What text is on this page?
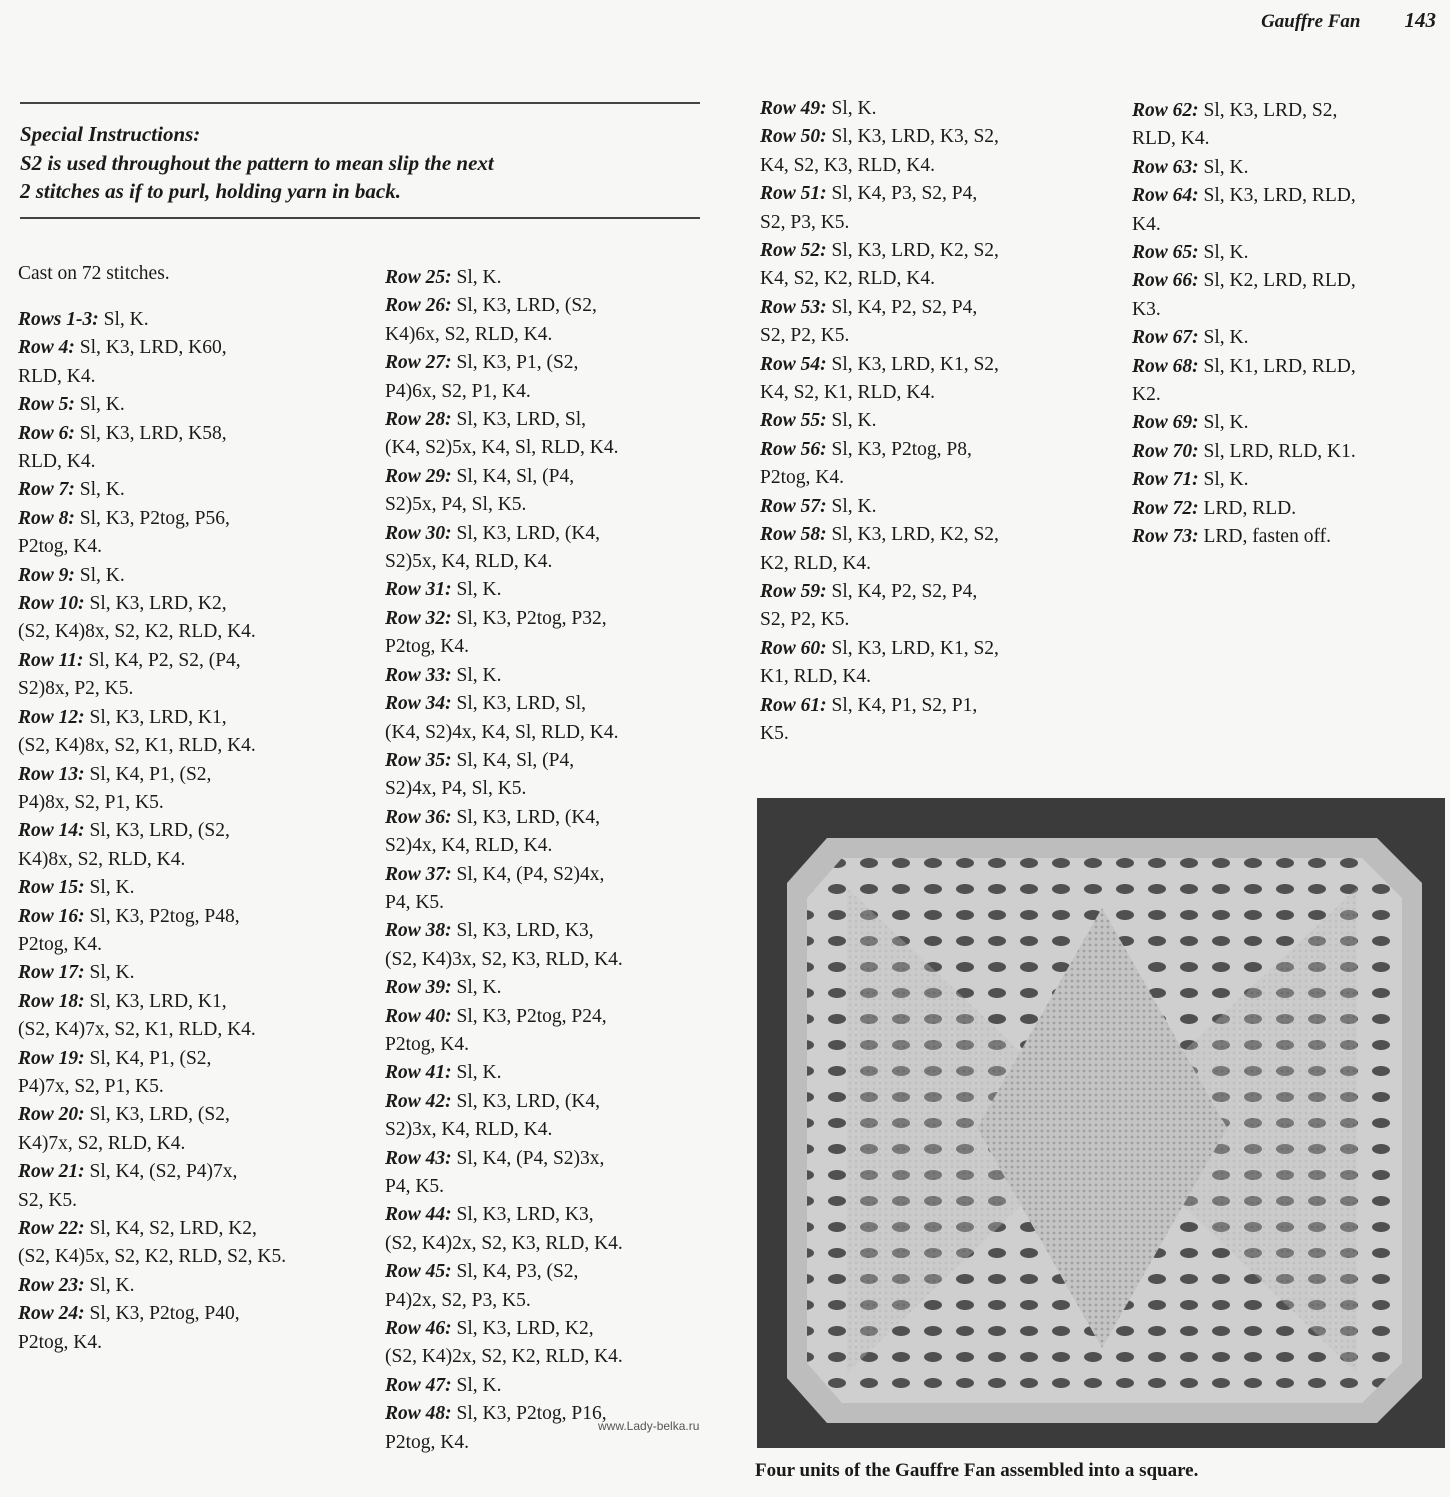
Gauffre Fan 143
Special Instructions:
S2 is used throughout the pattern to mean slip the next
2 stitches as if to purl, holding yarn in back.
Cast on 72 stitches.
Rows 1-3: Sl, K.
Row 4: Sl, K3, LRD, K60,
RLD, K4.
Row 5: Sl, K.
Row 6: Sl, K3, LRD, K58,
RLD, K4.
Row 7: Sl, K.
Row 8: Sl, K3, P2tog, P56,
P2tog, K4.
Row 9: Sl, K.
Row 10: Sl, K3, LRD, K2,
(S2, K4)8x, S2, K2, RLD, K4.
Row 11: Sl, K4, P2, S2, (P4,
S2)8x, P2, K5.
Row 12: Sl, K3, LRD, K1,
(S2, K4)8x, S2, K1, RLD, K4.
Row 13: Sl, K4, P1, (S2,
P4)8x, S2, P1, K5.
Row 14: Sl, K3, LRD, (S2,
K4)8x, S2, RLD, K4.
Row 15: Sl, K.
Row 16: Sl, K3, P2tog, P48,
P2tog, K4.
Row 17: Sl, K.
Row 18: Sl, K3, LRD, K1,
(S2, K4)7x, S2, K1, RLD, K4.
Row 19: Sl, K4, P1, (S2,
P4)7x, S2, P1, K5.
Row 20: Sl, K3, LRD, (S2,
K4)7x, S2, RLD, K4.
Row 21: Sl, K4, (S2, P4)7x,
S2, K5.
Row 22: Sl, K4, S2, LRD, K2,
(S2, K4)5x, S2, K2, RLD, S2, K5.
Row 23: Sl, K.
Row 24: Sl, K3, P2tog, P40,
P2tog, K4.
Row 25: Sl, K.
Row 26: Sl, K3, LRD, (S2,
K4)6x, S2, RLD, K4.
Row 27: Sl, K3, P1, (S2,
P4)6x, S2, P1, K4.
Row 28: Sl, K3, LRD, Sl,
(K4, S2)5x, K4, Sl, RLD, K4.
Row 29: Sl, K4, Sl, (P4,
S2)5x, P4, Sl, K5.
Row 30: Sl, K3, LRD, (K4,
S2)5x, K4, RLD, K4.
Row 31: Sl, K.
Row 32: Sl, K3, P2tog, P32,
P2tog, K4.
Row 33: Sl, K.
Row 34: Sl, K3, LRD, Sl,
(K4, S2)4x, K4, Sl, RLD, K4.
Row 35: Sl, K4, Sl, (P4,
S2)4x, P4, Sl, K5.
Row 36: Sl, K3, LRD, (K4,
S2)4x, K4, RLD, K4.
Row 37: Sl, K4, (P4, S2)4x,
P4, K5.
Row 38: Sl, K3, LRD, K3,
(S2, K4)3x, S2, K3, RLD, K4.
Row 39: Sl, K.
Row 40: Sl, K3, P2tog, P24,
P2tog, K4.
Row 41: Sl, K.
Row 42: Sl, K3, LRD, (K4,
S2)3x, K4, RLD, K4.
Row 43: Sl, K4, (P4, S2)3x,
P4, K5.
Row 44: Sl, K3, LRD, K3,
(S2, K4)2x, S2, K3, RLD, K4.
Row 45: Sl, K4, P3, (S2,
P4)2x, S2, P3, K5.
Row 46: Sl, K3, LRD, K2,
(S2, K4)2x, S2, K2, RLD, K4.
Row 47: Sl, K.
Row 48: Sl, K3, P2tog, P16,
P2tog, K4.
Row 49: Sl, K.
Row 50: Sl, K3, LRD, K3, S2,
K4, S2, K3, RLD, K4.
Row 51: Sl, K4, P3, S2, P4,
S2, P3, K5.
Row 52: Sl, K3, LRD, K2, S2,
K4, S2, K2, RLD, K4.
Row 53: Sl, K4, P2, S2, P4,
S2, P2, K5.
Row 54: Sl, K3, LRD, K1, S2,
K4, S2, K1, RLD, K4.
Row 55: Sl, K.
Row 56: Sl, K3, P2tog, P8,
P2tog, K4.
Row 57: Sl, K.
Row 58: Sl, K3, LRD, K2, S2,
K2, RLD, K4.
Row 59: Sl, K4, P2, S2, P4,
S2, P2, K5.
Row 60: Sl, K3, LRD, K1, S2,
K1, RLD, K4.
Row 61: Sl, K4, P1, S2, P1,
K5.
Row 62: Sl, K3, LRD, S2,
RLD, K4.
Row 63: Sl, K.
Row 64: Sl, K3, LRD, RLD,
K4.
Row 65: Sl, K.
Row 66: Sl, K2, LRD, RLD,
K3.
Row 67: Sl, K.
Row 68: Sl, K1, LRD, RLD,
K2.
Row 69: Sl, K.
Row 70: Sl, LRD, RLD, K1.
Row 71: Sl, K.
Row 72: LRD, RLD.
Row 73: LRD, fasten off.
www.Lady-belka.ru
Four units of the Gauffre Fan assembled into a square.
